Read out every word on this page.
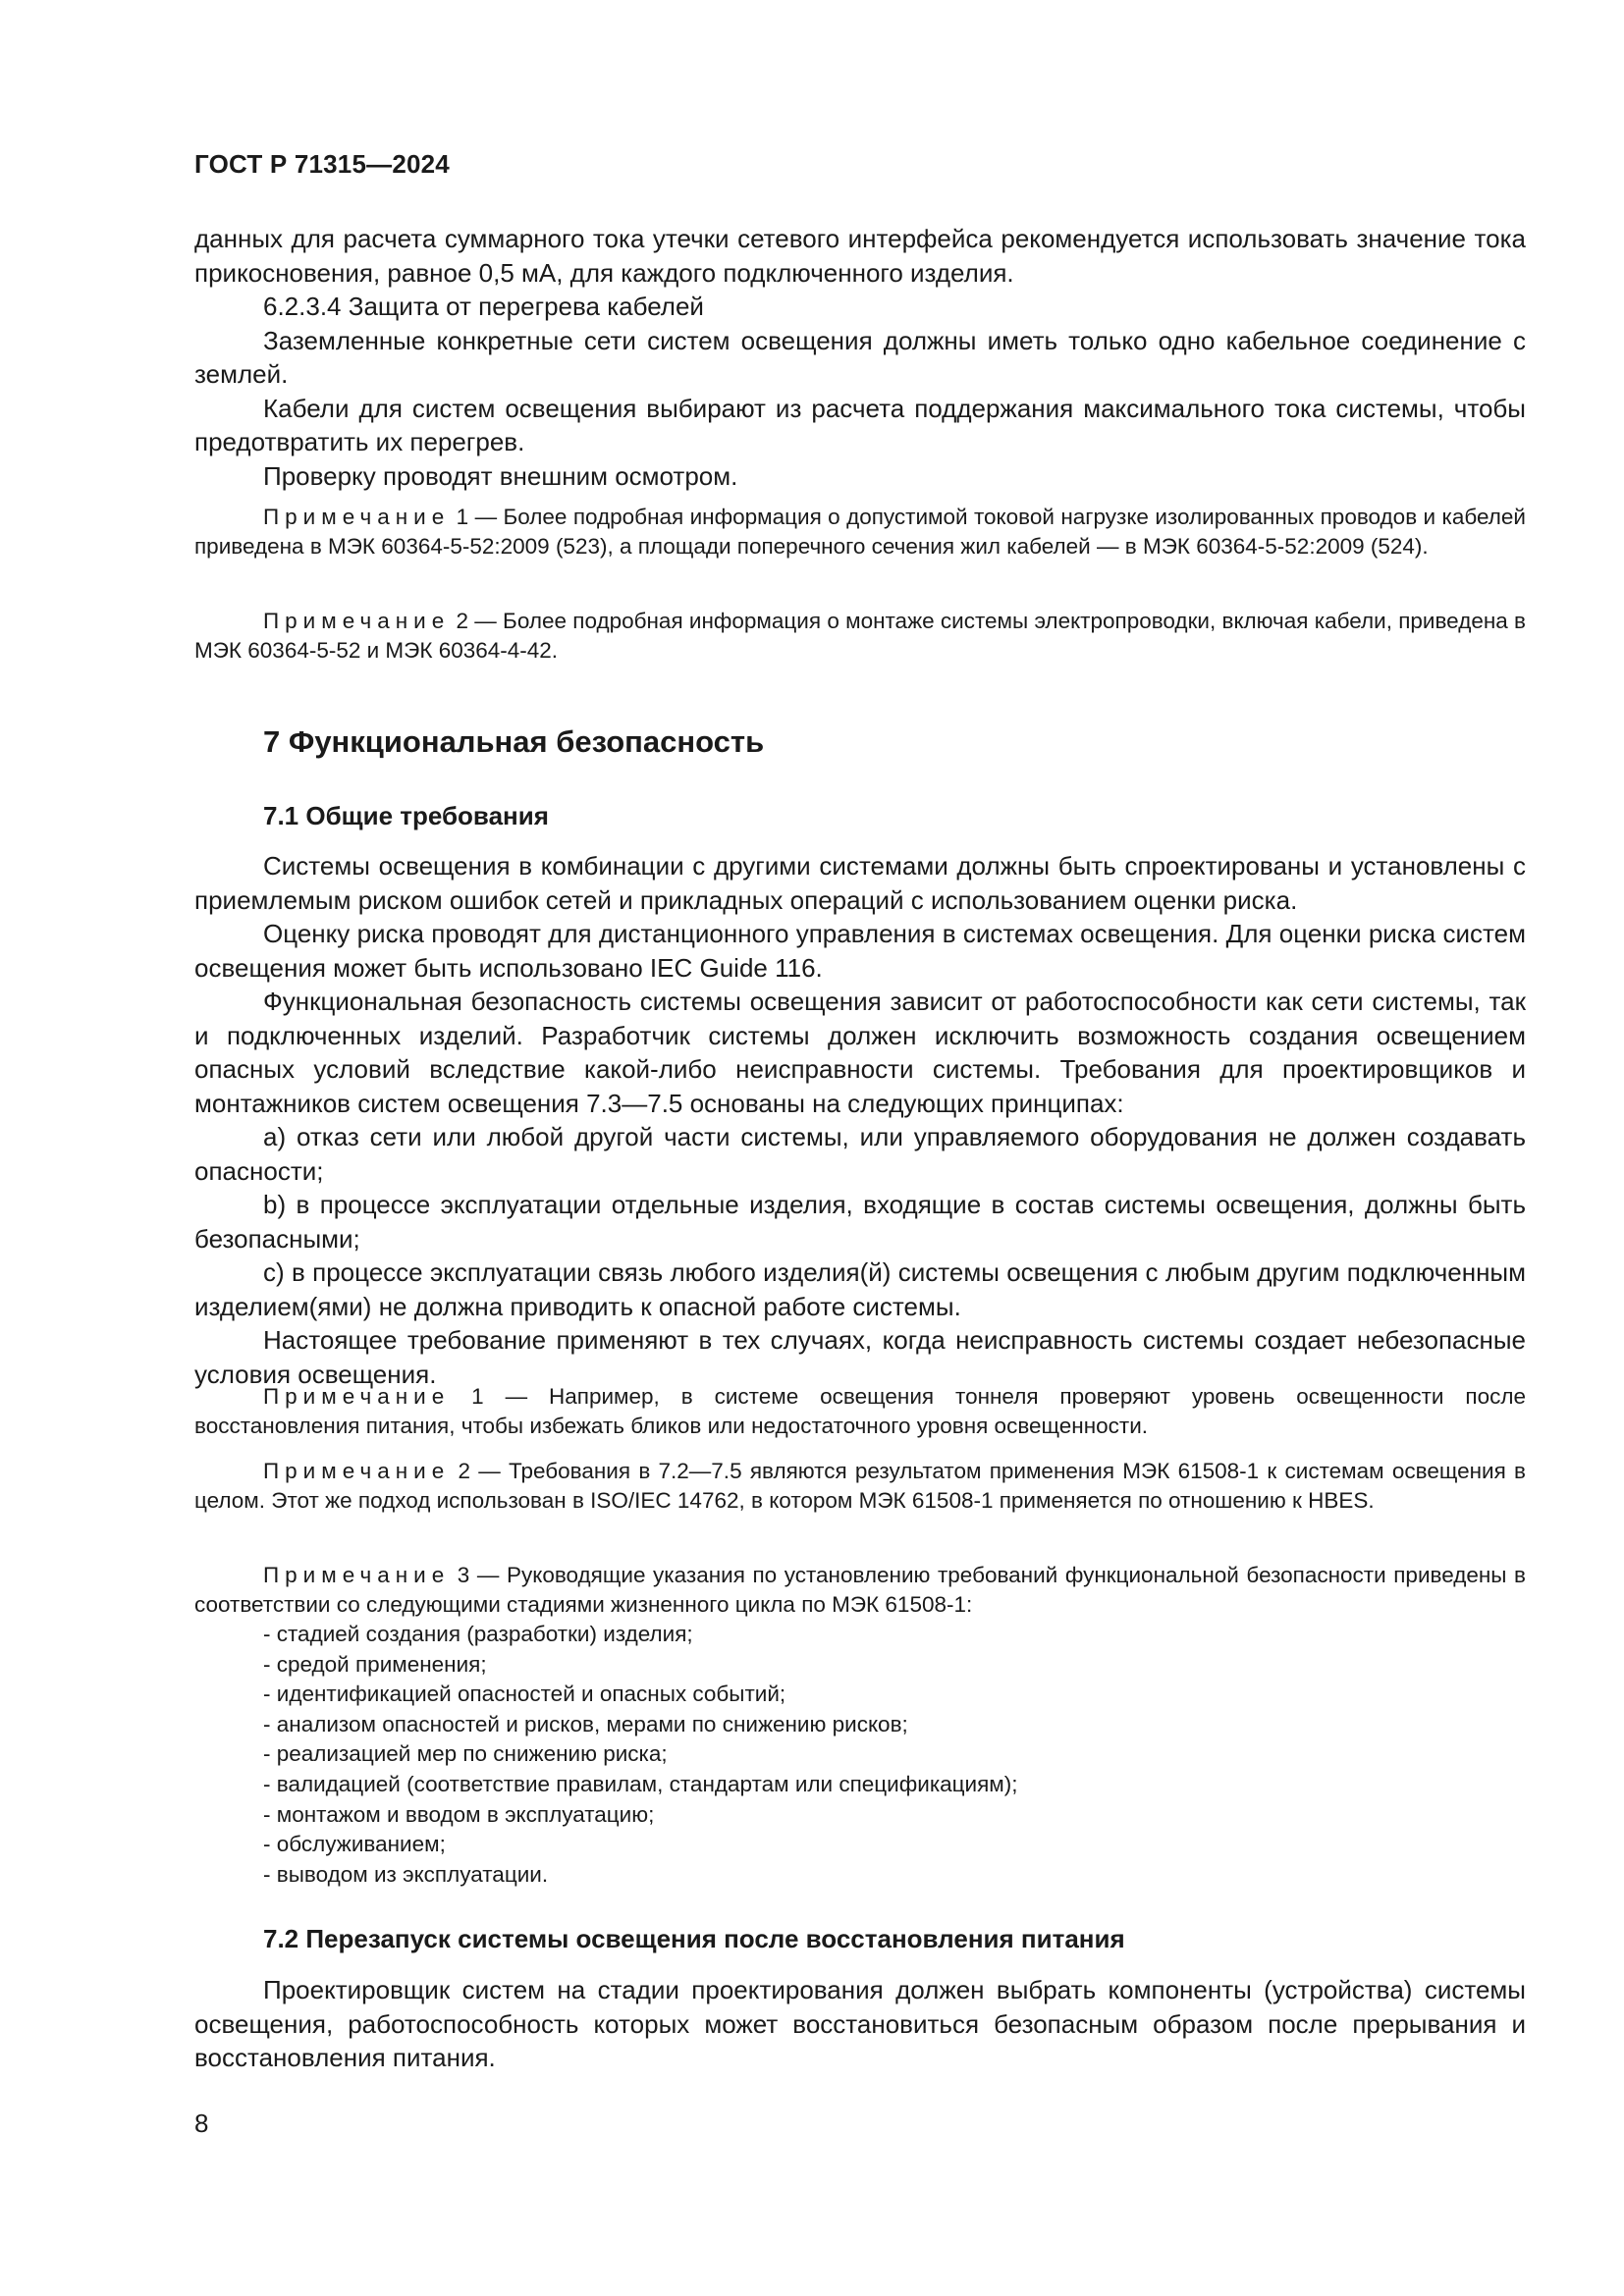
ГОСТ Р 71315—2024

данных для расчета суммарного тока утечки сетевого интерфейса рекомендуется использовать значение тока прикосновения, равное 0,5 мА, для каждого подключенного изделия.

6.2.3.4 Защита от перегрева кабелей

Заземленные конкретные сети систем освещения должны иметь только одно кабельное соединение с землей.

Кабели для систем освещения выбирают из расчета поддержания максимального тока системы, чтобы предотвратить их перегрев.

Проверку проводят внешним осмотром.

Примечание 1 — Более подробная информация о допустимой токовой нагрузке изолированных проводов и кабелей приведена в МЭК 60364-5-52:2009 (523), а площади поперечного сечения жил кабелей — в МЭК 60364-5-52:2009 (524).

Примечание 2 — Более подробная информация о монтаже системы электропроводки, включая кабели, приведена в МЭК 60364-5-52 и МЭК 60364-4-42.

7 Функциональная безопасность
7.1 Общие требования

Системы освещения в комбинации с другими системами должны быть спроектированы и установлены с приемлемым риском ошибок сетей и прикладных операций с использованием оценки риска.

Оценку риска проводят для дистанционного управления в системах освещения. Для оценки риска систем освещения может быть использовано IEC Guide 116.

Функциональная безопасность системы освещения зависит от работоспособности как сети системы, так и подключенных изделий. Разработчик системы должен исключить возможность создания освещением опасных условий вследствие какой-либо неисправности системы. Требования для проектировщиков и монтажников систем освещения 7.3—7.5 основаны на следующих принципах:

a) отказ сети или любой другой части системы, или управляемого оборудования не должен создавать опасности;

b) в процессе эксплуатации отдельные изделия, входящие в состав системы освещения, должны быть безопасными;

c) в процессе эксплуатации связь любого изделия(й) системы освещения с любым другим подключенным изделием(ями) не должна приводить к опасной работе системы.

Настоящее требование применяют в тех случаях, когда неисправность системы создает небезопасные условия освещения.

Примечание 1 — Например, в системе освещения тоннеля проверяют уровень освещенности после восстановления питания, чтобы избежать бликов или недостаточного уровня освещенности.

Примечание 2 — Требования в 7.2—7.5 являются результатом применения МЭК 61508-1 к системам освещения в целом. Этот же подход использован в ISO/IEC 14762, в котором МЭК 61508-1 применяется по отношению к HBES.

Примечание 3 — Руководящие указания по установлению требований функциональной безопасности приведены в соответствии со следующими стадиями жизненного цикла по МЭК 61508-1:

- стадией создания (разработки) изделия;
- средой применения;
- идентификацией опасностей и опасных событий;
- анализом опасностей и рисков, мерами по снижению рисков;
- реализацией мер по снижению риска;
- валидацией (соответствие правилам, стандартам или спецификациям);
- монтажом и вводом в эксплуатацию;
- обслуживанием;
- выводом из эксплуатации.
7.2 Перезапуск системы освещения после восстановления питания

Проектировщик систем на стадии проектирования должен выбрать компоненты (устройства) системы освещения, работоспособность которых может восстановиться безопасным образом после прерывания и восстановления питания.

8
